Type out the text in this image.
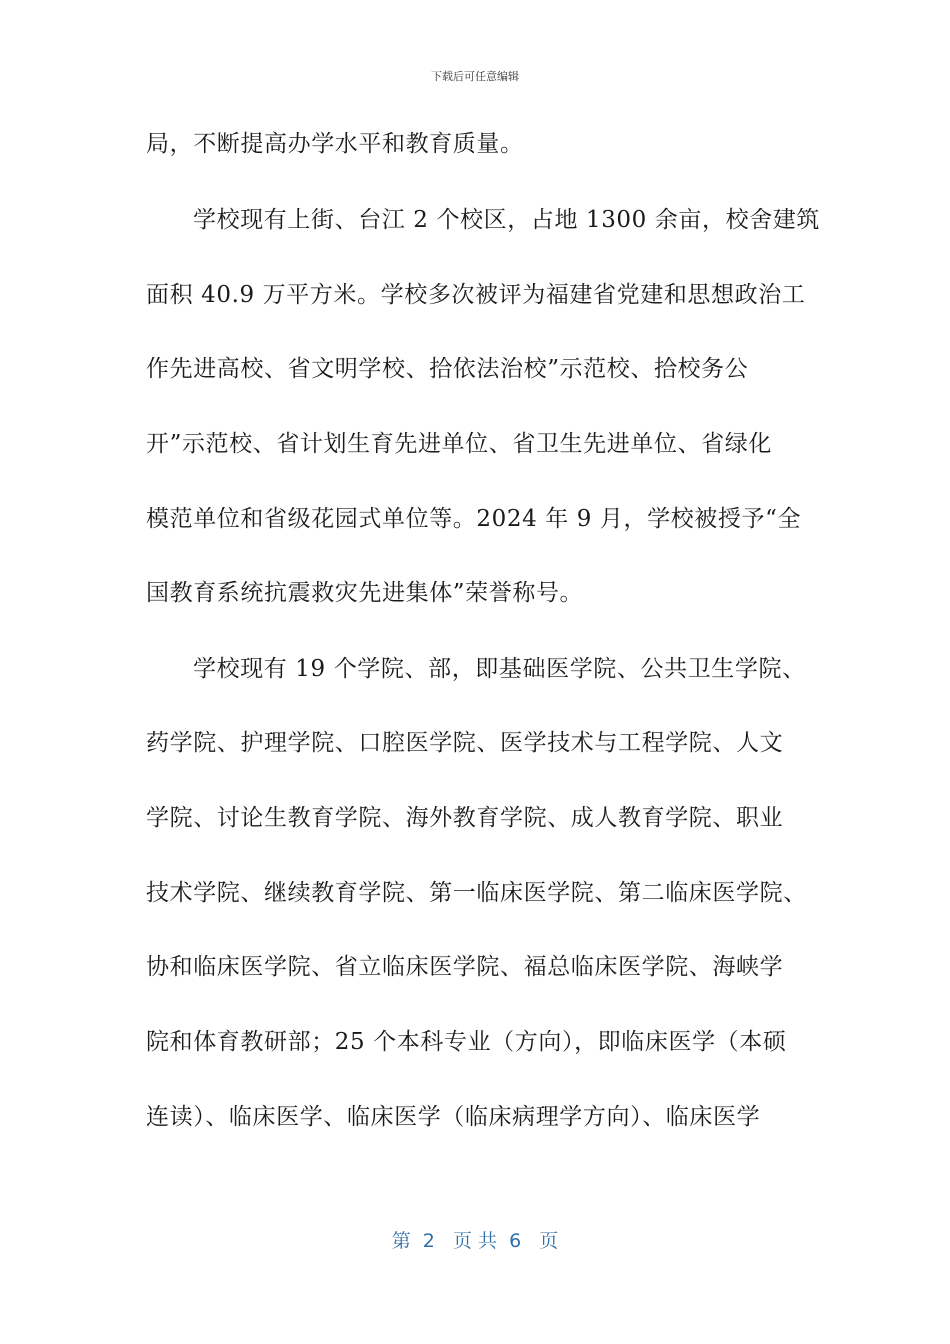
下载后可任意编辑
局，不断提高办学水平和教育质量。
学校现有上街、台江 2 个校区，占地 1300 余亩，校舍建筑
面积 40.9 万平方米。学校多次被评为福建省党建和思想政治工
作先进高校、省文明学校、拾依法治校”示范校、拾校务公
开”示范校、省计划生育先进单位、省卫生先进单位、省绿化
模范单位和省级花园式单位等。2024 年 9 月，学校被授予“全
国教育系统抗震救灾先进集体”荣誉称号。
学校现有 19 个学院、部，即基础医学院、公共卫生学院、
药学院、护理学院、口腔医学院、医学技术与工程学院、人文
学院、讨论生教育学院、海外教育学院、成人教育学院、职业
技术学院、继续教育学院、第一临床医学院、第二临床医学院、
协和临床医学院、省立临床医学院、福总临床医学院、海峡学
院和体育教研部；25 个本科专业（方向），即临床医学（本硕
连读）、临床医学、临床医学（临床病理学方向）、临床医学
第  2   页 共  6   页
